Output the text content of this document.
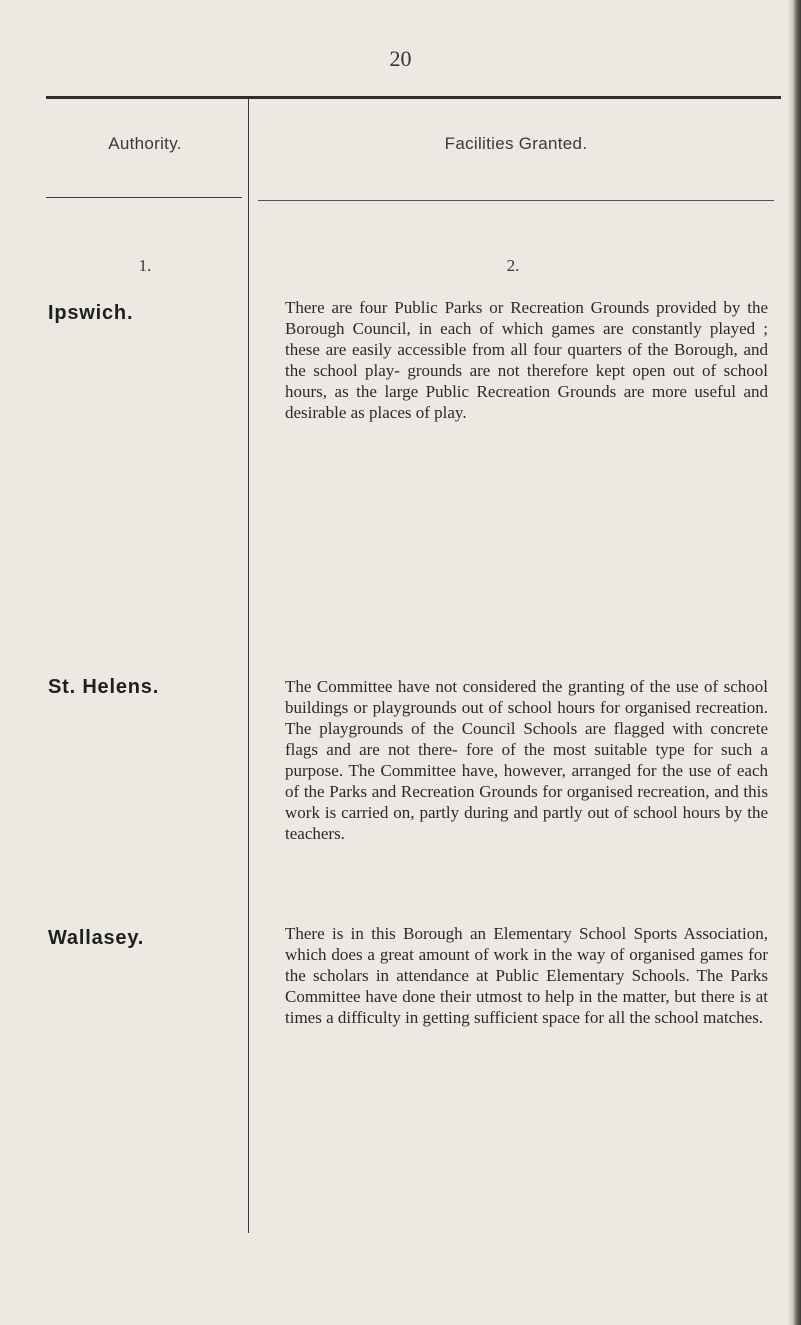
20
Authority.	Facilities Granted.
1.	2.
Ipswich.	There are four Public Parks or Recreation Grounds provided by the Borough Council, in each of which games are constantly played ; these are easily accessible from all four quarters of the Borough, and the school play- grounds are not therefore kept open out of school hours, as the large Public Recreation Grounds are more useful and desirable as places of play.

St. Helens.	The Committee have not considered the granting of the use of school buildings or playgrounds out of school hours for organised recreation. The playgrounds of the Council Schools are flagged with concrete flags and are not there- fore of the most suitable type for such a purpose. The Committee have, however, arranged for the use of each of the Parks and Recreation Grounds for organised recreation, and this work is carried on, partly during and partly out of school hours by the teachers.

Wallasey.	There is in this Borough an Elementary School Sports Association, which does a great amount of work in the way of organised games for the scholars in attendance at Public Elementary Schools. The Parks Committee have done their utmost to help in the matter, but there is at times a difficulty in getting sufficient space for all the school matches.
